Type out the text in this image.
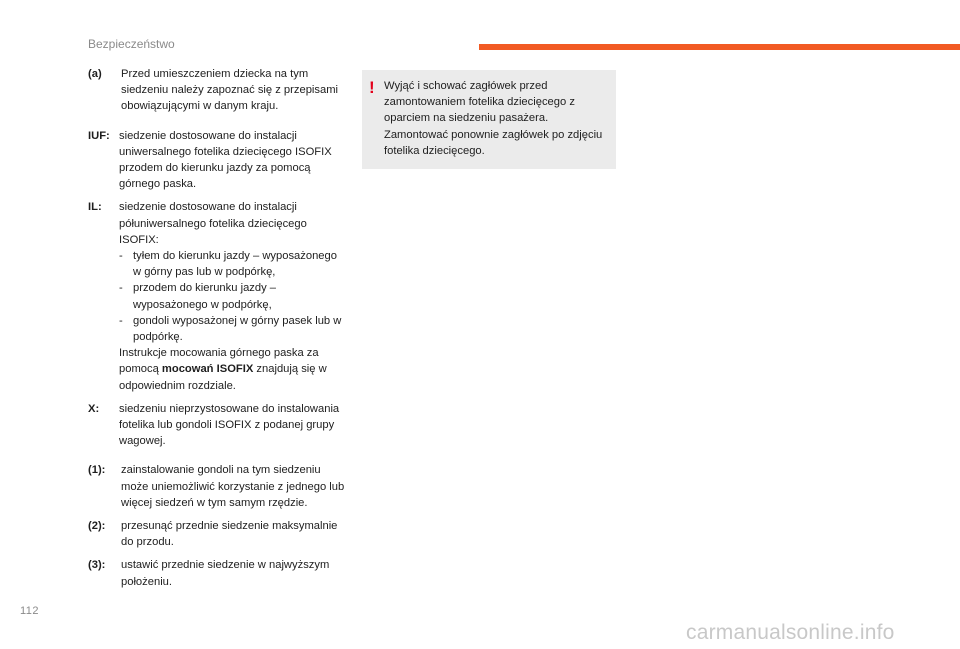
Bezpieczeństwo
(a)	Przed umieszczeniem dziecka na tym siedzeniu należy zapoznać się z przepisami obowiązującymi w danym kraju.

IUF: siedzenie dostosowane do instalacji uniwersalnego fotelika dziecięcego ISOFIX przodem do kierunku jazdy za pomocą górnego paska.

IL:	siedzenie dostosowane do instalacji półuniwersalnego fotelika dziecięcego ISOFIX:

- tyłem do kierunku jazdy – wyposażonego w górny pas lub w podpórkę,
- przodem do kierunku jazdy – wyposażonego w podpórkę,
- gondoli wyposażonej w górny pasek lub w podpórkę.

Instrukcje mocowania górnego paska za pomocą mocowań ISOFIX znajdują się w odpowiednim rozdziale.

X:	siedzeniu nieprzystosowane do instalowania fotelika lub gondoli ISOFIX z podanej grupy wagowej.

(1):	zainstalowanie gondoli na tym siedzeniu może uniemożliwić korzystanie z jednego lub więcej siedzeń w tym samym rzędzie.

(2):	przesunąć przednie siedzenie maksymalnie do przodu.

(3):	ustawić przednie siedzenie w najwyższym położeniu.

! Wyjąć i schować zagłówek przed zamontowaniem fotelika dziecięcego z oparciem na siedzeniu pasażera. Zamontować ponownie zagłówek po zdjęciu fotelika dziecięcego.

112
carmanualsonline.info
